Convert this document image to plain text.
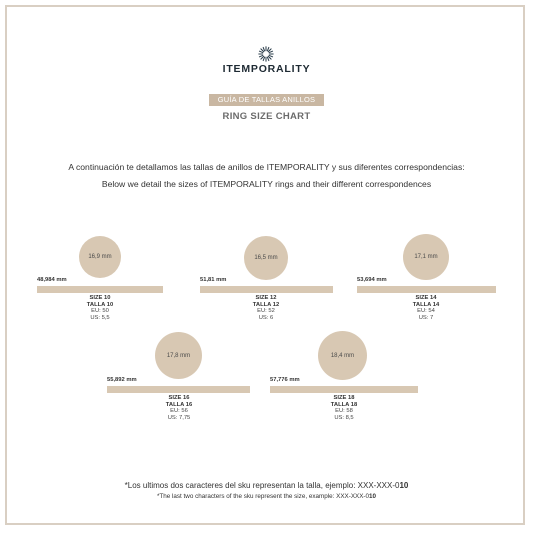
ITEMPORALITY
GUÍA DE TALLAS ANILLOS
RING SIZE CHART
A continuación te detallamos las tallas de anillos de ITEMPORALITY y sus diferentes correspondencias:
Below we detail the sizes of ITEMPORALITY rings and their different correspondences
16,9 mm
48,984 mm
SIZE 10
TALLA 10
EU: 50
US: 5,5
16,5 mm
51,81 mm
SIZE 12
TALLA 12
EU: 52
US: 6
17,1 mm
53,694 mm
SIZE 14
TALLA 14
EU: 54
US: 7
17,8 mm
55,892 mm
SIZE 16
TALLA 16
EU: 56
US: 7,75
18,4 mm
57,776 mm
SIZE 18
TALLA 18
EU: 58
US: 8,5
*Los ultimos dos caracteres del sku representan la talla, ejemplo: XXX-XXX-010
*The last two characters of the sku represent the size, example: XXX-XXX-010
